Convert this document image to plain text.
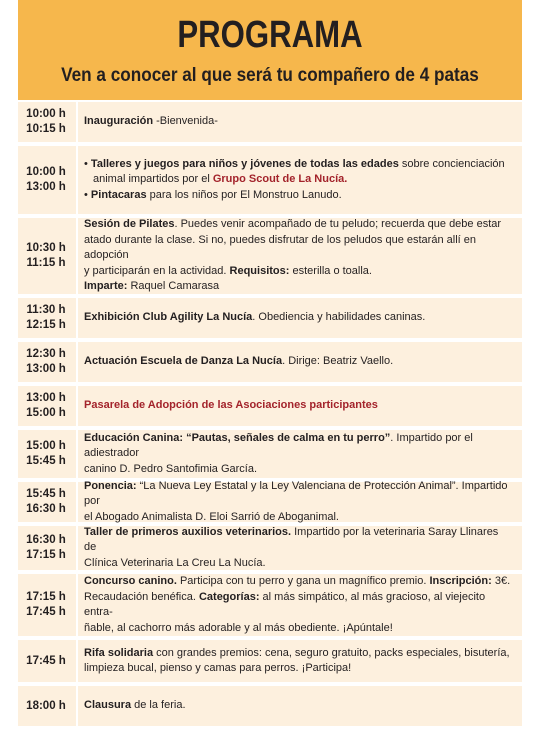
PROGRAMA
Ven a conocer al que será tu compañero de 4 patas
10:00 h
10:15 h
Inauguración -Bienvenida-
10:00 h
13:00 h
• Talleres y juegos para niños y jóvenes de todas las edades sobre concienciación
animal impartidos por el Grupo Scout de La Nucía.
• Pintacaras para los niños por El Monstruo Lanudo.
10:30 h
11:15 h
Sesión de Pilates. Puedes venir acompañado de tu peludo; recuerda que debe estar
atado durante la clase. Si no, puedes disfrutar de los peludos que estarán allí en adopción
y participarán en la actividad. Requisitos: esterilla o toalla.
Imparte: Raquel Camarasa
11:30 h
12:15 h
Exhibición Club Agility La Nucía. Obediencia y habilidades caninas.
12:30 h
13:00 h
Actuación Escuela de Danza La Nucía. Dirige: Beatriz Vaello.
13:00 h
15:00 h
Pasarela de Adopción de las Asociaciones participantes
15:00 h
15:45 h
Educación Canina: “Pautas, señales de calma en tu perro”. Impartido por el adiestrador
canino D. Pedro Santofimia García.
15:45 h
16:30 h
Ponencia: “La Nueva Ley Estatal y la Ley Valenciana de Protección Animal”. Impartido por
el Abogado Animalista D. Eloi Sarrió de Aboganimal.
16:30 h
17:15 h
Taller de primeros auxilios veterinarios. Impartido por la veterinaria Saray Llinares de
Clínica Veterinaria La Creu La Nucía.
17:15 h
17:45 h
Concurso canino. Participa con tu perro y gana un magnífico premio. Inscripción: 3€.
Recaudación benéfica. Categorías: al más simpático, al más gracioso, al viejecito entra-
ñable, al cachorro más adorable y al más obediente. ¡Apúntale!
17:45 h
Rifa solidaria con grandes premios: cena, seguro gratuito, packs especiales, bisutería,
limpieza bucal, pienso y camas para perros. ¡Participa!
18:00 h Clausura de la feria.
